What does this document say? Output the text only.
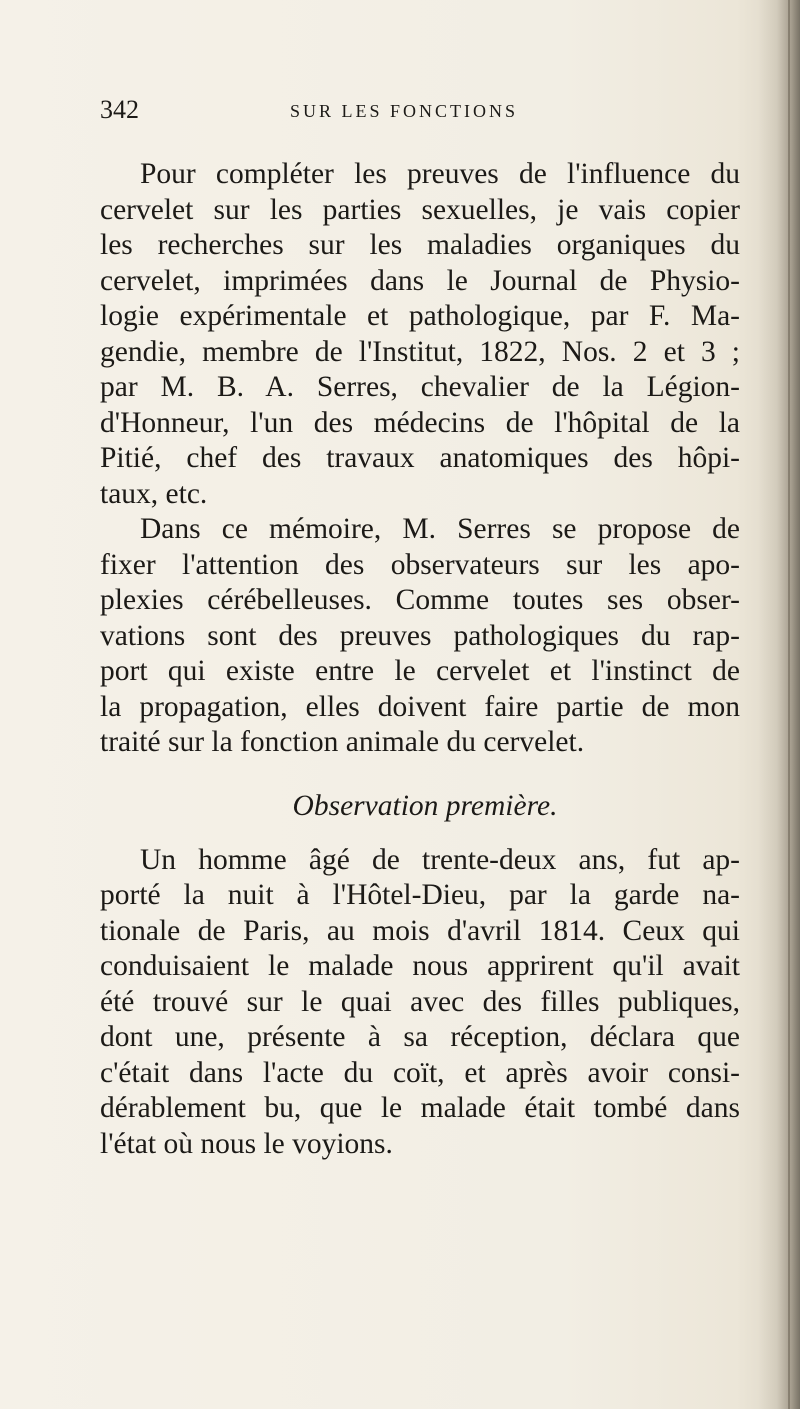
342	SUR LES FONCTIONS
Pour compléter les preuves de l'influence du
cervelet sur les parties sexuelles, je vais copier
les recherches sur les maladies organiques du
cervelet, imprimées dans le Journal de Physio-
logie expérimentale et pathologique, par F. Ma-
gendie, membre de l'Institut, 1822, Nos. 2 et 3 ;
par M. B. A. Serres, chevalier de la Légion-
d'Honneur, l'un des médecins de l'hôpital de la
Pitié, chef des travaux anatomiques des hôpi-
taux, etc.
Dans ce mémoire, M. Serres se propose de
fixer l'attention des observateurs sur les apo-
plexies cérébelleuses. Comme toutes ses obser-
vations sont des preuves pathologiques du rap-
port qui existe entre le cervelet et l'instinct de
la propagation, elles doivent faire partie de mon
traité sur la fonction animale du cervelet.
Observation première.
Un homme âgé de trente-deux ans, fut ap-
porté la nuit à l'Hôtel-Dieu, par la garde na-
tionale de Paris, au mois d'avril 1814. Ceux qui
conduisaient le malade nous apprirent qu'il avait
été trouvé sur le quai avec des filles publiques,
dont une, présente à sa réception, déclara que
c'était dans l'acte du coït, et après avoir consi-
dérablement bu, que le malade était tombé dans
l'état où nous le voyions.
